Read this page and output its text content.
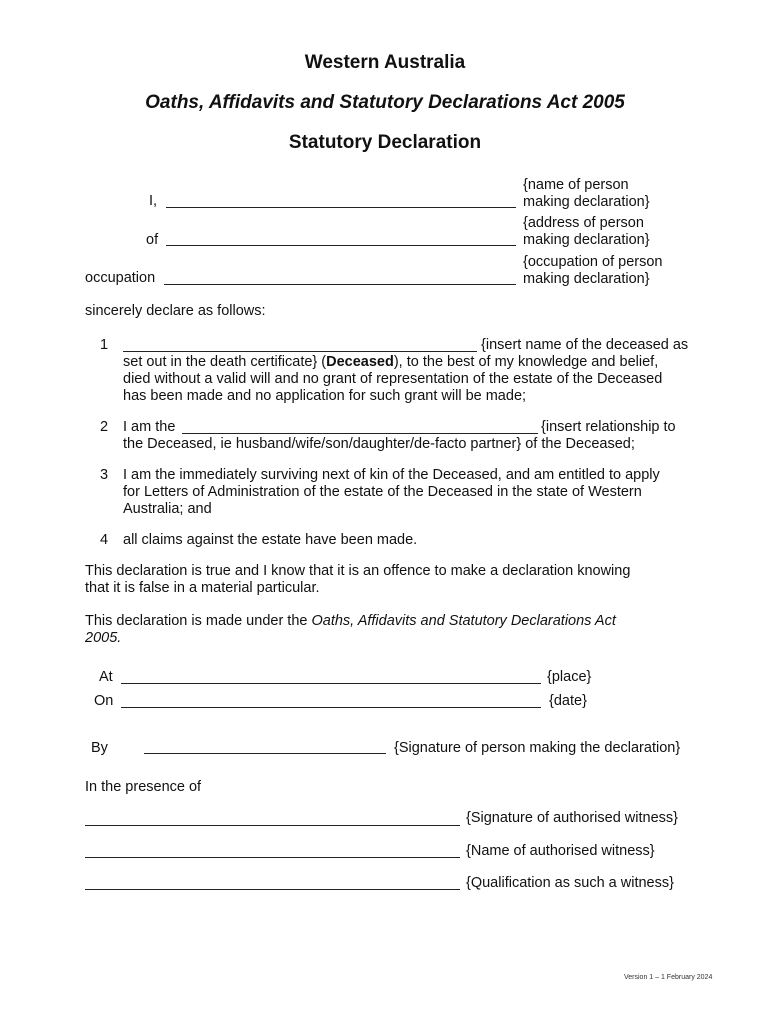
Western Australia
Oaths, Affidavits and Statutory Declarations Act 2005
Statutory Declaration
I,
{name of person
making declaration}
of
{address of person
making declaration}
occupation
{occupation of person
making declaration}
sincerely declare as follows:
1	{insert name of the deceased as
set out in the death certificate} (Deceased), to the best of my knowledge and belief,
died without a valid will and no grant of representation of the estate of the Deceased
has been made and no application for such grant will be made;
2 I am the	{insert relationship to
the Deceased, ie husband/wife/son/daughter/de-facto partner} of the Deceased;
3 I am the immediately surviving next of kin of the Deceased, and am entitled to apply
for Letters of Administration of the estate of the Deceased in the state of Western
Australia; and
4 all claims against the estate have been made.
This declaration is true and I know that it is an offence to make a declaration knowing
that it is false in a material particular.
This declaration is made under the Oaths, Affidavits and Statutory Declarations Act
2005.
At	{place}
On	{date}
By	{Signature of person making the declaration}
In the presence of
{Signature of authorised witness}
{Name of authorised witness}
{Qualification as such a witness}
Version 1 – 1 February 2024
